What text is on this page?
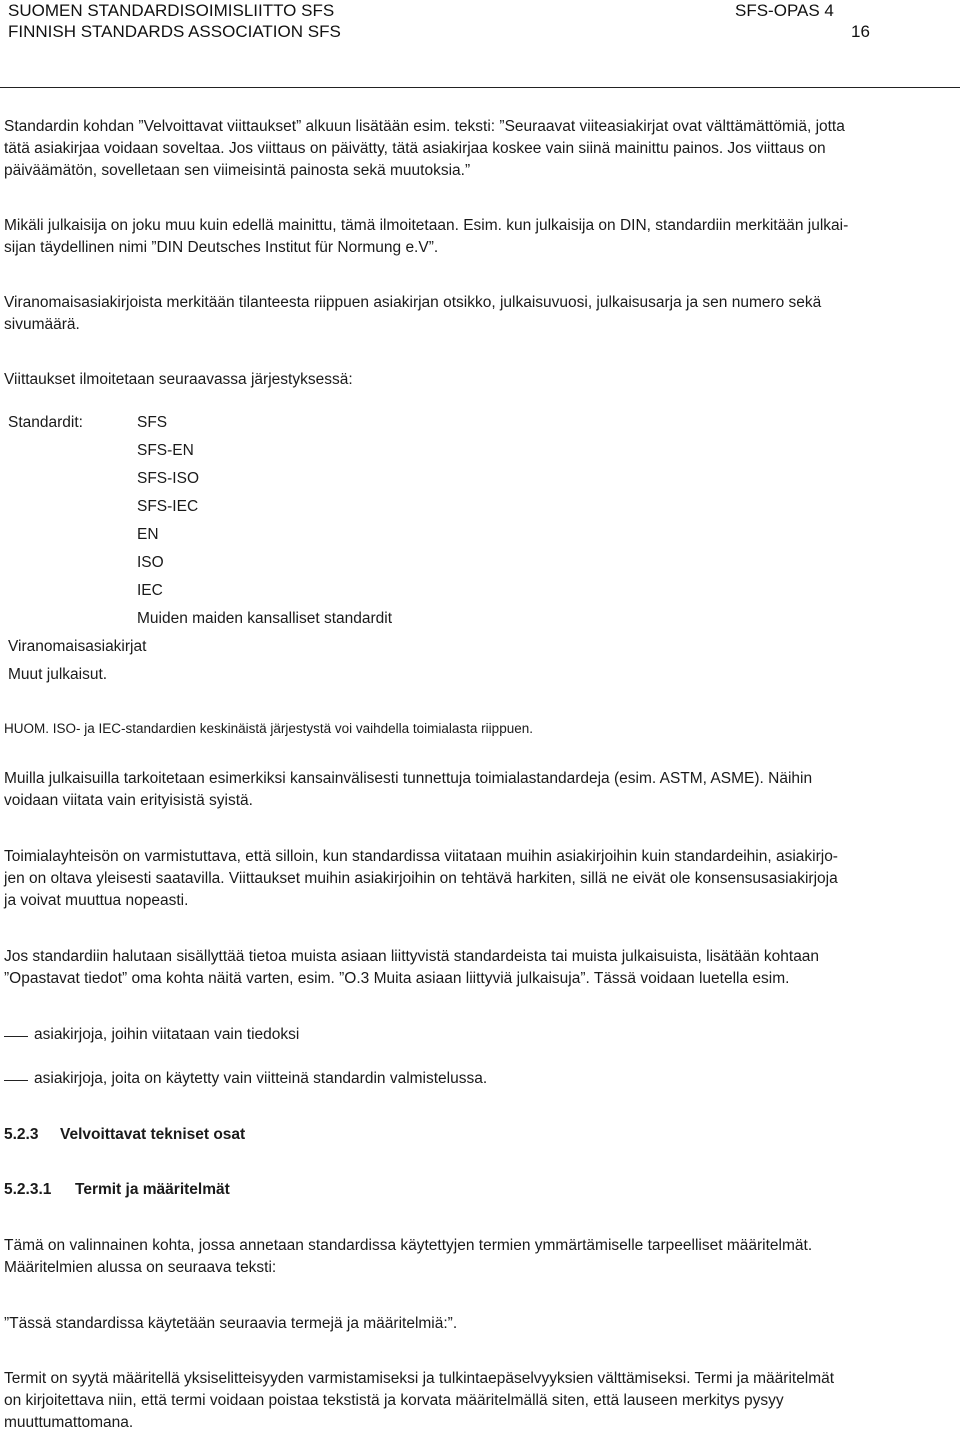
SUOMEN STANDARDISOIMISLIITTO SFS
FINNISH STANDARDS ASSOCIATION SFS
SFS-OPAS 4
16
Standardin kohdan ”Velvoittavat viittaukset” alkuun lisätään esim. teksti: ”Seuraavat viiteasiakirjat ovat välttämättömiä, jotta
tätä asiakirjaa voidaan soveltaa. Jos viittaus on päivätty, tätä asiakirjaa koskee vain siinä mainittu painos. Jos viittaus on
päiväämätön, sovelletaan sen viimeisintä painosta sekä muutoksia.”
Mikäli julkaisija on joku muu kuin edellä mainittu, tämä ilmoitetaan. Esim. kun julkaisija on DIN, standardiin merkitään julkai-
sijan täydellinen nimi ”DIN Deutsches Institut für Normung e.V”.
Viranomaisasiakirjoista merkitään tilanteesta riippuen asiakirjan otsikko, julkaisuvuosi, julkaisusarja ja sen numero sekä
sivumäärä.
Viittaukset ilmoitetaan seuraavassa järjestyksessä:
Standardit:	SFS
SFS-EN
SFS-ISO
SFS-IEC
EN
ISO
IEC
Muiden maiden kansalliset standardit
Viranomaisasiakirjat
Muut julkaisut.
HUOM. ISO- ja IEC-standardien keskinäistä järjestystä voi vaihdella toimialasta riippuen.
Muilla julkaisuilla tarkoitetaan esimerkiksi kansainvälisesti tunnettuja toimialastandardeja (esim. ASTM, ASME). Näihin
voidaan viitata vain erityisistä syistä.
Toimialayhteisön on varmistuttava, että silloin, kun standardissa viitataan muihin asiakirjoihin kuin standardeihin, asiakirjo-
jen on oltava yleisesti saatavilla. Viittaukset muihin asiakirjoihin on tehtävä harkiten, sillä ne eivät ole konsensusasiakirjoja
ja voivat muuttua nopeasti.
Jos standardiin halutaan sisällyttää tietoa muista asiaan liittyvistä standardeista tai muista julkaisuista, lisätään kohtaan
”Opastavat tiedot” oma kohta näitä varten, esim. ”O.3 Muita asiaan liittyviä julkaisuja”. Tässä voidaan luetella esim.
asiakirjoja, joihin viitataan vain tiedoksi
asiakirjoja, joita on käytetty vain viitteinä standardin valmistelussa.
5.2.3 Velvoittavat tekniset osat
5.2.3.1 Termit ja määritelmät
Tämä on valinnainen kohta, jossa annetaan standardissa käytettyjen termien ymmärtämiselle tarpeelliset määritelmät.
Määritelmien alussa on seuraava teksti:
”Tässä standardissa käytetään seuraavia termejä ja määritelmiä:”.
Termit on syytä määritellä yksiselitteisyyden varmistamiseksi ja tulkintaepäselvyyksien välttämiseksi. Termi ja määritelmät
on kirjoitettava niin, että termi voidaan poistaa tekstistä ja korvata määritelmällä siten, että lauseen merkitys pysyy
muuttumattomana.
